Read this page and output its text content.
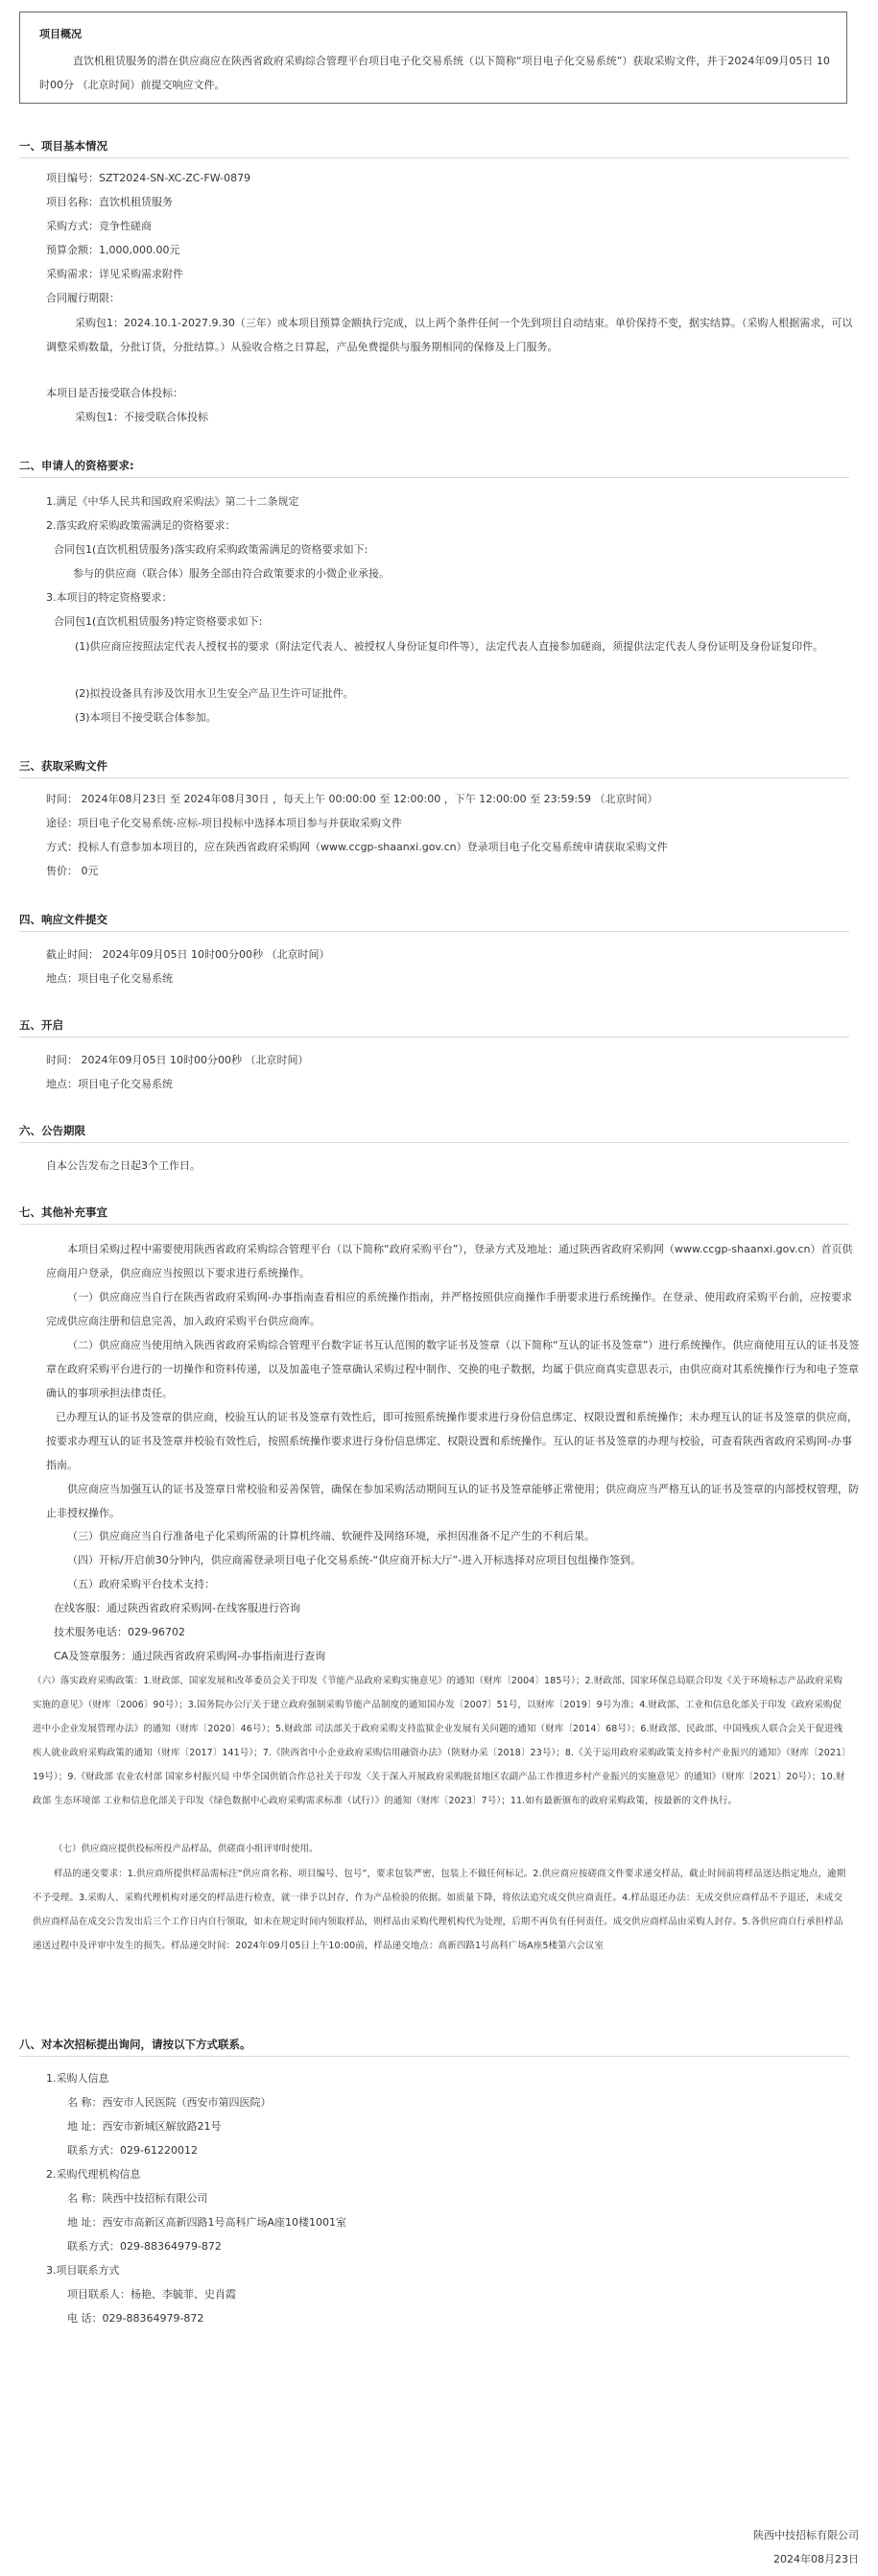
项目概况
直饮机租赁服务的潜在供应商应在陕西省政府采购综合管理平台项目电子化交易系统（以下简称“项目电子化交易系统”）获取采购文件，并于2024年09月05日 10时00分 （北京时间）前提交响应文件。
一、项目基本情况
项目编号：SZT2024-SN-XC-ZC-FW-0879
项目名称：直饮机租赁服务
采购方式：竞争性磋商
预算金额：1,000,000.00元
采购需求：详见采购需求附件
合同履行期限：
采购包1：2024.10.1-2027.9.30（三年）或本项目预算金额执行完成，以上两个条件任何一个先到项目自动结束。单价保持不变，据实结算。（采购人根据需求，可以调整采购数量，分批订货，分批结算。）从验收合格之日算起，产品免费提供与服务期相同的保修及上门服务。
本项目是否接受联合体投标：
采购包1：不接受联合体投标
二、申请人的资格要求:
1.满足《中华人民共和国政府采购法》第二十二条规定
2.落实政府采购政策需满足的资格要求：
合同包1(直饮机租赁服务)落实政府采购政策需满足的资格要求如下:
参与的供应商（联合体）服务全部由符合政策要求的小微企业承接。
3.本项目的特定资格要求：
合同包1(直饮机租赁服务)特定资格要求如下:
(1)供应商应按照法定代表人授权书的要求（附法定代表人、被授权人身份证复印件等），法定代表人直接参加磋商，须提供法定代表人身份证明及身份证复印件。
(2)拟投设备具有涉及饮用水卫生安全产品卫生许可证批件。
(3)本项目不接受联合体参加。
三、获取采购文件
时间： 2024年08月23日 至 2024年08月30日 ，每天上午 00:00:00 至 12:00:00 ，下午 12:00:00 至 23:59:59 （北京时间）
途径：项目电子化交易系统-应标-项目投标中选择本项目参与并获取采购文件
方式：投标人有意参加本项目的，应在陕西省政府采购网（www.ccgp-shaanxi.gov.cn）登录项目电子化交易系统申请获取采购文件
售价： 0元
四、响应文件提交
截止时间： 2024年09月05日 10时00分00秒 （北京时间）
地点：项目电子化交易系统
五、开启
时间： 2024年09月05日 10时00分00秒 （北京时间）
地点：项目电子化交易系统
六、公告期限
自本公告发布之日起3个工作日。
七、其他补充事宜
本项目采购过程中需要使用陕西省政府采购综合管理平台（以下简称“政府采购平台”），登录方式及地址：通过陕西省政府采购网（www.ccgp-shaanxi.gov.cn）首页供应商用户登录，供应商应当按照以下要求进行系统操作。
（一）供应商应当自行在陕西省政府采购网-办事指南查看相应的系统操作指南，并严格按照供应商操作手册要求进行系统操作。在登录、使用政府采购平台前，应按要求完成供应商注册和信息完善，加入政府采购平台供应商库。
（二）供应商应当使用纳入陕西省政府采购综合管理平台数字证书互认范围的数字证书及签章（以下简称“互认的证书及签章”）进行系统操作。供应商使用互认的证书及签章在政府采购平台进行的一切操作和资料传递，以及加盖电子签章确认采购过程中制作、交换的电子数据，均属于供应商真实意思表示，由供应商对其系统操作行为和电子签章确认的事项承担法律责任。
已办理互认的证书及签章的供应商，校验互认的证书及签章有效性后，即可按照系统操作要求进行身份信息绑定、权限设置和系统操作；未办理互认的证书及签章的供应商，按要求办理互认的证书及签章并校验有效性后，按照系统操作要求进行身份信息绑定、权限设置和系统操作。互认的证书及签章的办理与校验，可查看陕西省政府采购网-办事指南。
供应商应当加强互认的证书及签章日常校验和妥善保管，确保在参加采购活动期间互认的证书及签章能够正常使用；供应商应当严格互认的证书及签章的内部授权管理，防止非授权操作。
（三）供应商应当自行准备电子化采购所需的计算机终端、软硬件及网络环境，承担因准备不足产生的不利后果。
（四）开标/开启前30分钟内，供应商需登录项目电子化交易系统-“供应商开标大厅”-进入开标选择对应项目包组操作签到。
（五）政府采购平台技术支持：
在线客服：通过陕西省政府采购网-在线客服进行咨询
技术服务电话：029-96702
CA及签章服务：通过陕西省政府采购网-办事指南进行查询
（六）落实政府采购政策：1.财政部、国家发展和改革委员会关于印发《节能产品政府采购实施意见》的通知（财库〔2004〕185号）；2.财政部、国家环保总局联合印发《关于环境标志产品政府采购实施的意见》（财库〔2006〕90号）；3.国务院办公厅关于建立政府强制采购节能产品制度的通知国办发〔2007〕51号，以财库〔2019〕9号为准；4.财政部、工业和信息化部关于印发《政府采购促进中小企业发展管理办法》的通知（财库〔2020〕46号）；5.财政部 司法部关于政府采购支持监狱企业发展有关问题的通知（财库〔2014〕68号）；6.财政部、民政部、中国残疾人联合会关于促进残疾人就业政府采购政策的通知（财库〔2017〕141号）；7.《陕西省中小企业政府采购信用融资办法》（陕财办采〔2018〕23号）；8.《关于运用政府采购政策支持乡村产业振兴的通知》（财库〔2021〕19号）；9.《财政部 农业农村部 国家乡村振兴局 中华全国供销合作总社关于印发〈关于深入开展政府采购脱贫地区农副产品工作推进乡村产业振兴的实施意见〉的通知》（财库〔2021〕20号）；10.财政部 生态环境部 工业和信息化部关于印发《绿色数据中心政府采购需求标准（试行）》的通知（财库〔2023〕7号）；11.如有最新颁布的政府采购政策，按最新的文件执行。
（七）供应商应提供投标所投产品样品，供磋商小组评审时使用。
样品的递交要求：1.供应商所提供样品需标注“供应商名称、项目编号、包号”，要求包装严密，包装上不做任何标记。2.供应商应按磋商文件要求递交样品，截止时间前将样品送达指定地点，逾期不予受理。3.采购人、采购代理机构对递交的样品进行检查，就一律予以封存，作为产品检验的依据。如质量下降，将依法追究成交供应商责任。4.样品退还办法：无成交供应商样品不予退还，未成交供应商样品在成交公告发出后三个工作日内自行领取，如未在规定时间内领取样品，则样品由采购代理机构代为处理，后期不再负有任何责任。成交供应商样品由采购人封存。5.各供应商自行承担样品递送过程中及评审中发生的损失。样品递交时间：2024年09月05日上午10:00前，样品递交地点：高新四路1号高科广场A座5楼第六会议室
八、对本次招标提出询问，请按以下方式联系。
1.采购人信息
名 称：西安市人民医院（西安市第四医院）
地 址：西安市新城区解放路21号
联系方式：029-61220012
2.采购代理机构信息
名 称：陕西中技招标有限公司
地 址：西安市高新区高新四路1号高科广场A座10楼1001室
联系方式：029-88364979-872
3.项目联系方式
项目联系人：杨艳、李毓菲、史肖霞
电 话：029-88364979-872
陕西中技招标有限公司
2024年08月23日
